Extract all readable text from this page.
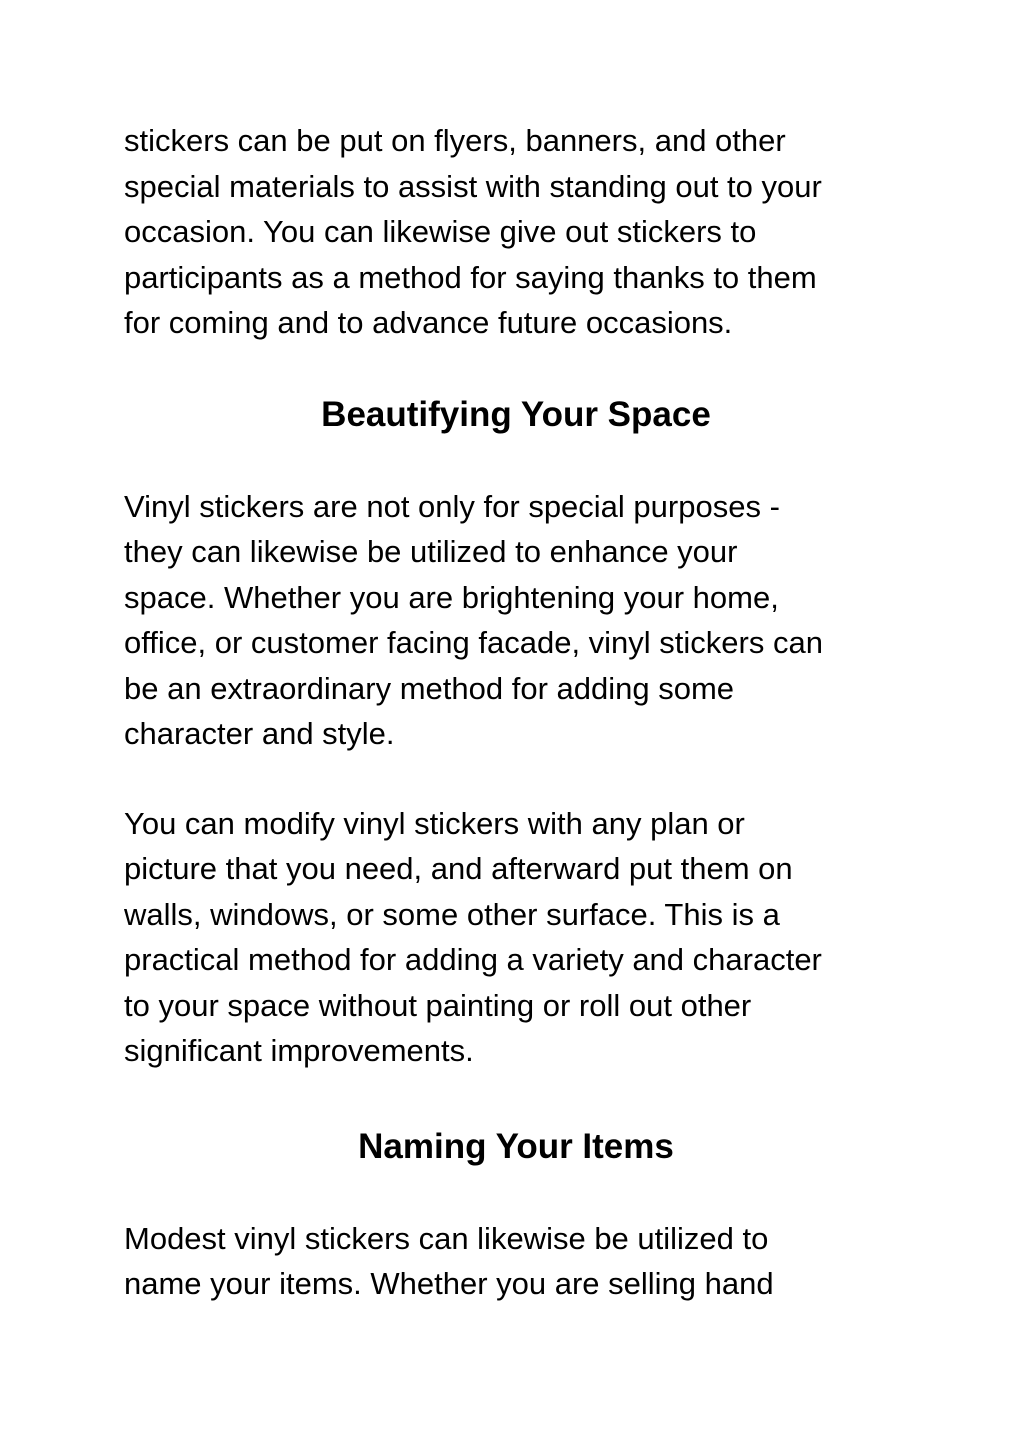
stickers can be put on flyers, banners, and other
special materials to assist with standing out to your
occasion. You can likewise give out stickers to
participants as a method for saying thanks to them
for coming and to advance future occasions.

Beautifying Your Space

Vinyl stickers are not only for special purposes -
they can likewise be utilized to enhance your
space. Whether you are brightening your home,
office, or customer facing facade, vinyl stickers can
be an extraordinary method for adding some
character and style.

You can modify vinyl stickers with any plan or
picture that you need, and afterward put them on
walls, windows, or some other surface. This is a
practical method for adding a variety and character
to your space without painting or roll out other
significant improvements.

Naming Your Items

Modest vinyl stickers can likewise be utilized to
name your items. Whether you are selling hand
